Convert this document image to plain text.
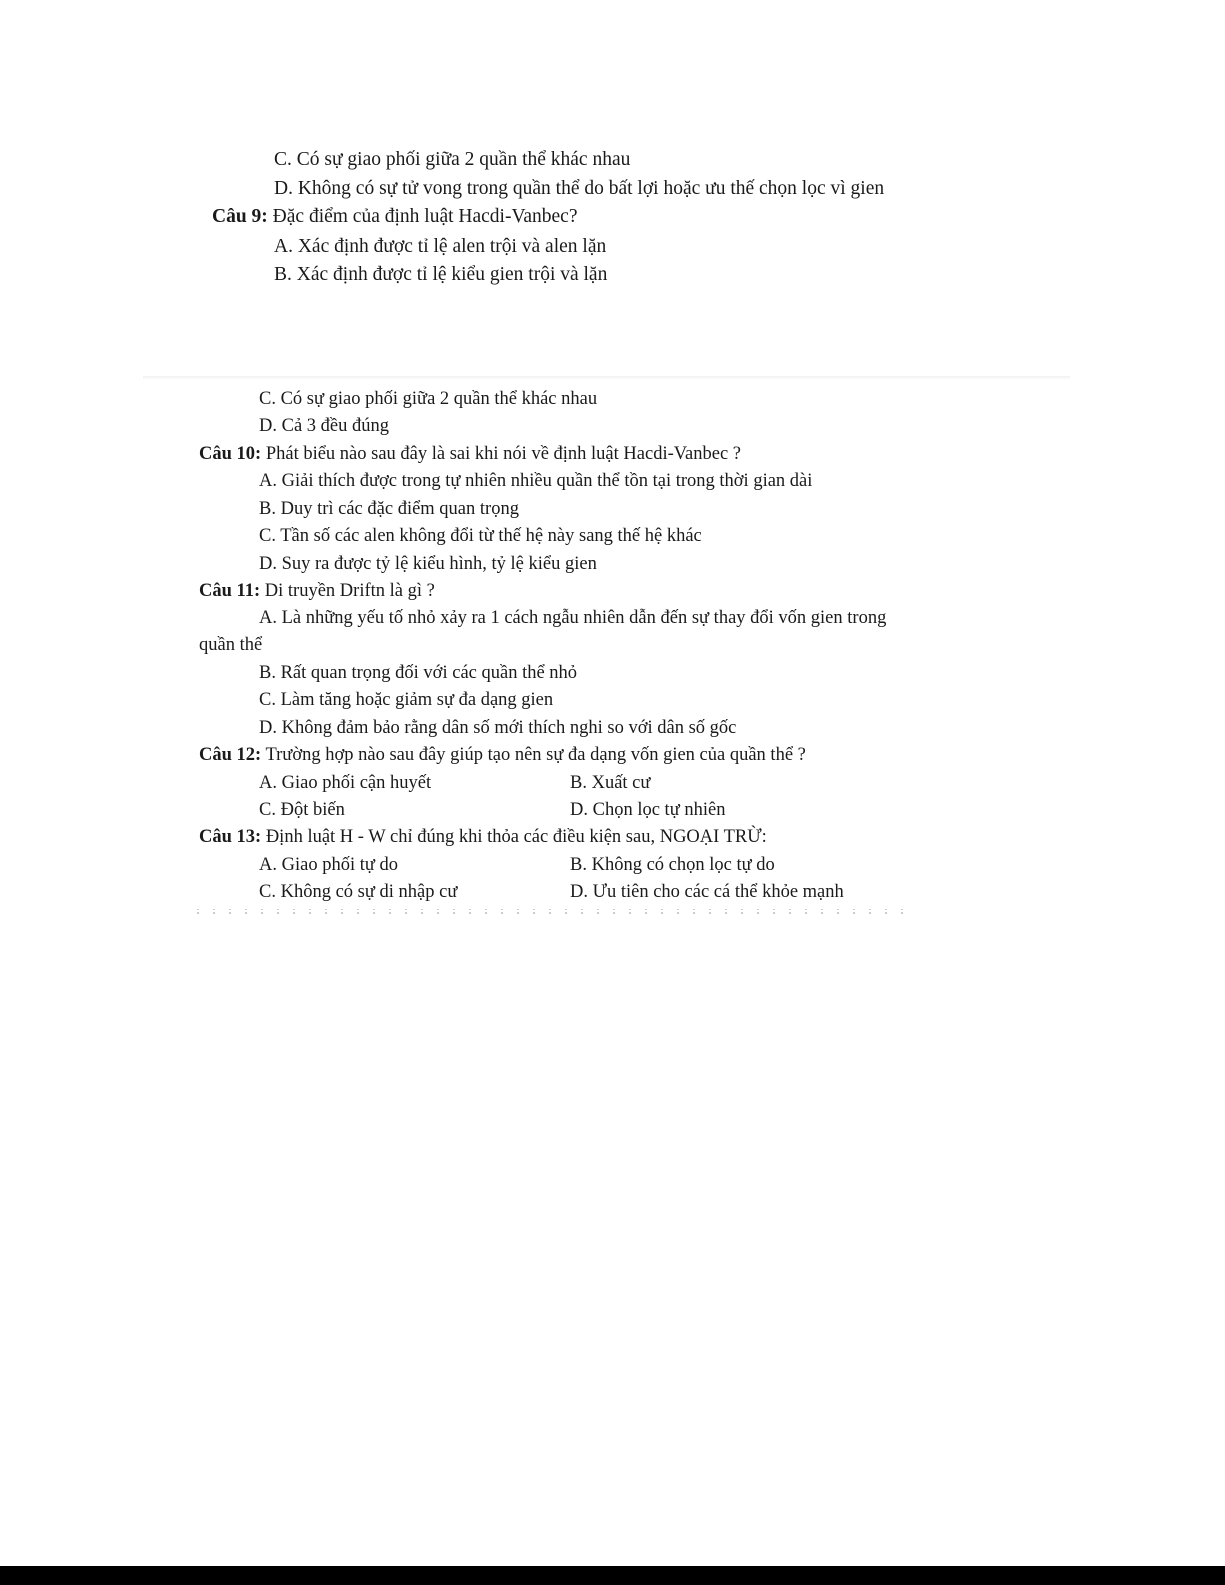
C. Có sự giao phối giữa 2 quần thể khác nhau
D. Không có sự tử vong trong quần thể do bất lợi hoặc ưu thế chọn lọc vì gien
Câu 9: Đặc điểm của định luật Hacdi-Vanbec?
A. Xác định được tỉ lệ alen trội và alen lặn
B. Xác định được tỉ lệ kiểu gien trội và lặn
C. Có sự giao phối giữa 2 quần thể khác nhau
D. Cả 3 đều đúng
Câu 10: Phát biểu nào sau đây là sai khi nói về định luật Hacdi-Vanbec ?
A. Giải thích được trong tự nhiên nhiều quần thể tồn tại trong thời gian dài
B. Duy trì các đặc điểm quan trọng
C. Tần số các alen không đổi từ thế hệ này sang thế hệ khác
D. Suy ra được tỷ lệ kiểu hình, tỷ lệ kiểu gien
Câu 11: Di truyền Driftn là gì ?
A. Là những yếu tố nhỏ xảy ra 1 cách ngẫu nhiên dẫn đến sự thay đổi vốn gien trong
quần thể
B. Rất quan trọng đối với các quần thể nhỏ
C. Làm tăng hoặc giảm sự đa dạng gien
D. Không đảm bảo rằng dân số mới thích nghi so với dân số gốc
Câu 12: Trường hợp nào sau đây giúp tạo nên sự đa dạng vốn gien của quần thể ?
A. Giao phối cận huyết	B. Xuất cư
C. Đột biến	D. Chọn lọc tự nhiên
Câu 13: Định luật H - W chỉ đúng khi thỏa các điều kiện sau, NGOẠI TRỪ:
A. Giao phối tự do	B. Không có chọn lọc tự do
C. Không có sự di nhập cư	D. Ưu tiên cho các cá thể khỏe mạnh
